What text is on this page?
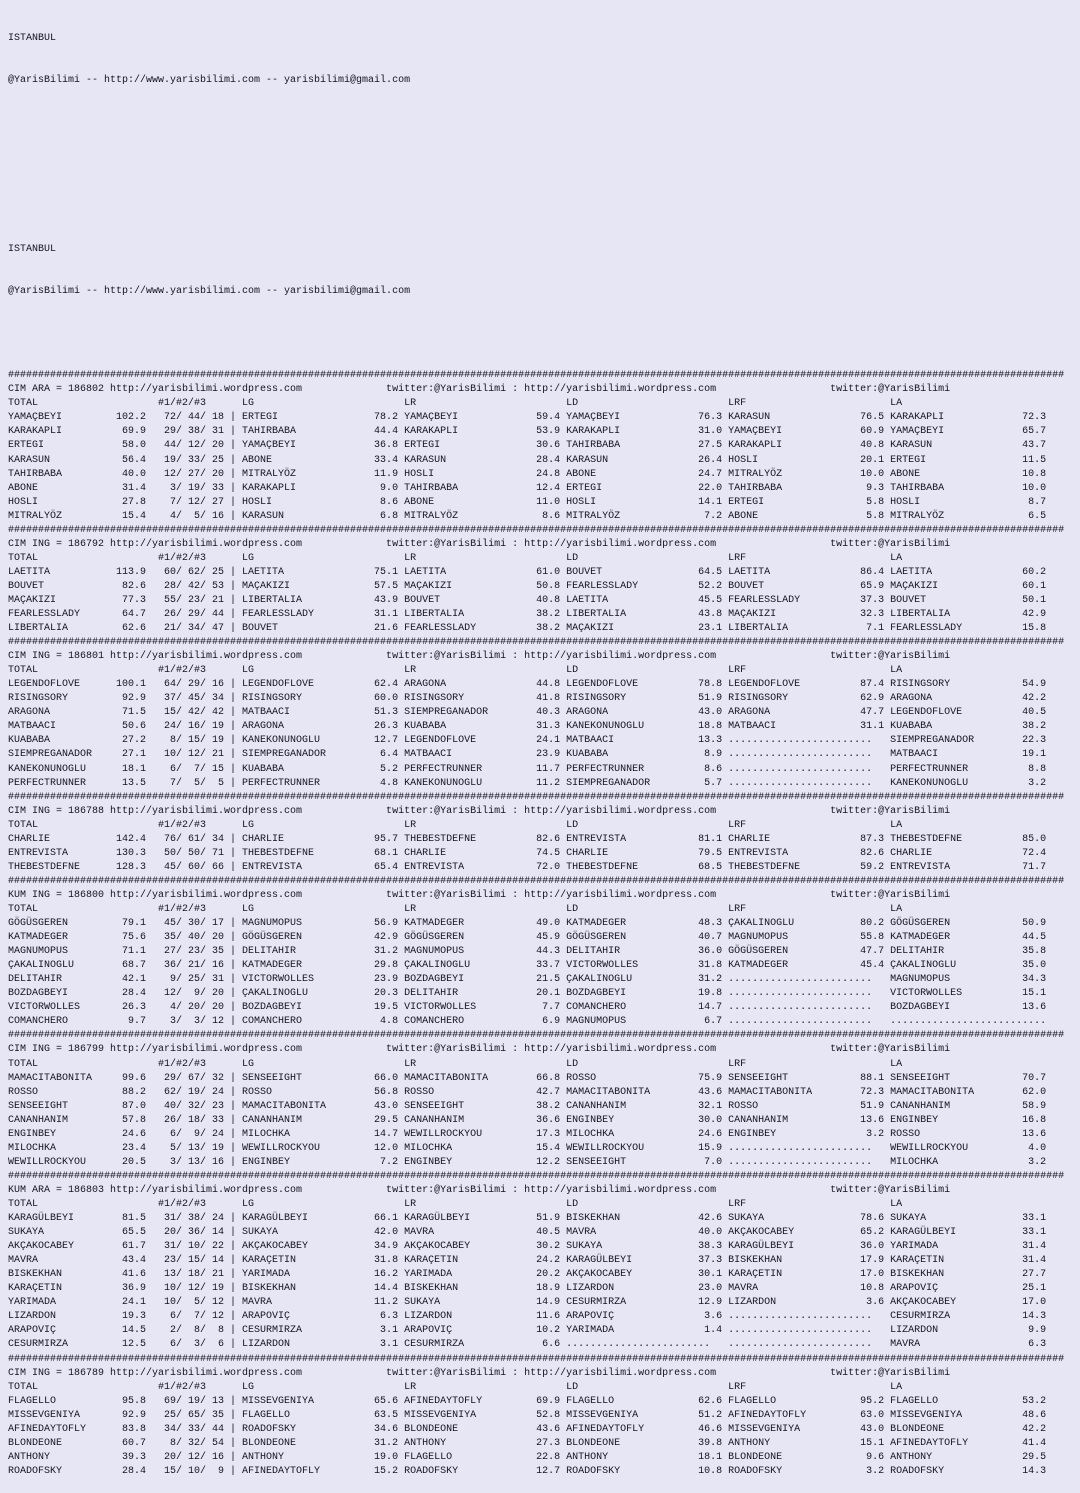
ISTANBUL

@YarisBilimi -- http://www.yarisbilimi.com -- yarisbilimi@gmail.com

ISTANBUL

@YarisBilimi -- http://www.yarisbilimi.com -- yarisbilimi@gmail.com

################################################################################################################################################################################
CIM ARA = 186802 http://yarisbilimi.wordpress.com              twitter:@YarisBilimi : http://yarisbilimi.wordpress.com                   twitter:@YarisBilimi
TOTAL                    #1/#2/#3      LG                         LR                         LD                         LRF                        LA
YAMAÇBEYI         102.2   72/ 44/ 18 | ERTEGI                78.2 YAMAÇBEYI             59.4 YAMAÇBEYI             76.3 KARASUN               76.5 KARAKAPLI             72.3
KARAKAPLI          69.9   29/ 38/ 31 | TAHIRBABA             44.4 KARAKAPLI             53.9 KARAKAPLI             31.0 YAMAÇBEYI             60.9 YAMAÇBEYI             65.7
ERTEGI             58.0   44/ 12/ 20 | YAMAÇBEYI             36.8 ERTEGI                30.6 TAHIRBABA             27.5 KARAKAPLI             40.8 KARASUN               43.7
KARASUN            56.4   19/ 33/ 25 | ABONE                 33.4 KARASUN               28.4 KARASUN               26.4 HOSLI                 20.1 ERTEGI                11.5
TAHIRBABA          40.0   12/ 27/ 20 | MITRALYÖZ             11.9 HOSLI                 24.8 ABONE                 24.7 MITRALYÖZ             10.0 ABONE                 10.8
ABONE              31.4    3/ 19/ 33 | KARAKAPLI              9.0 TAHIRBABA             12.4 ERTEGI                22.0 TAHIRBABA              9.3 TAHIRBABA             10.0
HOSLI              27.8    7/ 12/ 27 | HOSLI                  8.6 ABONE                 11.0 HOSLI                 14.1 ERTEGI                 5.8 HOSLI                  8.7
MITRALYÖZ          15.4    4/  5/ 16 | KARASUN                6.8 MITRALYÖZ              8.6 MITRALYÖZ              7.2 ABONE                  5.8 MITRALYÖZ              6.5
################################################################################################################################################################################
CIM ING = 186792 http://yarisbilimi.wordpress.com              twitter:@YarisBilimi : http://yarisbilimi.wordpress.com                   twitter:@YarisBilimi
TOTAL                    #1/#2/#3      LG                         LR                         LD                         LRF                        LA
LAETITA           113.9   60/ 62/ 25 | LAETITA               75.1 LAETITA               61.0 BOUVET                64.5 LAETITA               86.4 LAETITA               60.2
BOUVET             82.6   28/ 42/ 53 | MAÇAKIZI              57.5 MAÇAKIZI              50.8 FEARLESSLADY          52.2 BOUVET                65.9 MAÇAKIZI              60.1
MAÇAKIZI           77.3   55/ 23/ 21 | LIBERTALIA            43.9 BOUVET                40.8 LAETITA               45.5 FEARLESSLADY          37.3 BOUVET                50.1
FEARLESSLADY       64.7   26/ 29/ 44 | FEARLESSLADY          31.1 LIBERTALIA            38.2 LIBERTALIA            43.8 MAÇAKIZI              32.3 LIBERTALIA            42.9
LIBERTALIA         62.6   21/ 34/ 47 | BOUVET                21.6 FEARLESSLADY          38.2 MAÇAKIZI              23.1 LIBERTALIA             7.1 FEARLESSLADY          15.8
################################################################################################################################################################################
CIM ING = 186801 http://yarisbilimi.wordpress.com              twitter:@YarisBilimi : http://yarisbilimi.wordpress.com                   twitter:@YarisBilimi
TOTAL                    #1/#2/#3      LG                         LR                         LD                         LRF                        LA
LEGENDOFLOVE      100.1   64/ 29/ 16 | LEGENDOFLOVE          62.4 ARAGONA               44.8 LEGENDOFLOVE          78.8 LEGENDOFLOVE          87.4 RISINGSORY            54.9
RISINGSORY         92.9   37/ 45/ 34 | RISINGSORY            60.0 RISINGSORY            41.8 RISINGSORY            51.9 RISINGSORY            62.9 ARAGONA               42.2
ARAGONA            71.5   15/ 42/ 42 | MATBAACI              51.3 SIEMPREGANADOR        40.3 ARAGONA               43.0 ARAGONA               47.7 LEGENDOFLOVE          40.5
MATBAACI           50.6   24/ 16/ 19 | ARAGONA               26.3 KUABABA               31.3 KANEKONUNOGLU         18.8 MATBAACI              31.1 KUABABA               38.2
KUABABA            27.2    8/ 15/ 19 | KANEKONUNOGLU         12.7 LEGENDOFLOVE          24.1 MATBAACI              13.3 ........................   SIEMPREGANADOR        22.3
SIEMPREGANADOR     27.1   10/ 12/ 21 | SIEMPREGANADOR         6.4 MATBAACI              23.9 KUABABA                8.9 ........................   MATBAACI              19.1
KANEKONUNOGLU      18.1    6/  7/ 15 | KUABABA                5.2 PERFECTRUNNER         11.7 PERFECTRUNNER          8.6 ........................   PERFECTRUNNER          8.8
PERFECTRUNNER      13.5    7/  5/  5 | PERFECTRUNNER          4.8 KANEKONUNOGLU         11.2 SIEMPREGANADOR         5.7 ........................   KANEKONUNOGLU          3.2
################################################################################################################################################################################
CIM ING = 186788 http://yarisbilimi.wordpress.com              twitter:@YarisBilimi : http://yarisbilimi.wordpress.com                   twitter:@YarisBilimi
TOTAL                    #1/#2/#3      LG                         LR                         LD                         LRF                        LA
CHARLIE           142.4   76/ 61/ 34 | CHARLIE               95.7 THEBESTDEFNE          82.6 ENTREVISTA            81.1 CHARLIE               87.3 THEBESTDEFNE          85.0
ENTREVISTA        130.3   50/ 50/ 71 | THEBESTDEFNE          68.1 CHARLIE               74.5 CHARLIE               79.5 ENTREVISTA            82.6 CHARLIE               72.4
THEBESTDEFNE      128.3   45/ 60/ 66 | ENTREVISTA            65.4 ENTREVISTA            72.0 THEBESTDEFNE          68.5 THEBESTDEFNE          59.2 ENTREVISTA            71.7
################################################################################################################################################################################
KUM ING = 186800 http://yarisbilimi.wordpress.com              twitter:@YarisBilimi : http://yarisbilimi.wordpress.com                   twitter:@YarisBilimi
TOTAL                    #1/#2/#3      LG                         LR                         LD                         LRF                        LA
GÖGÜSGEREN         79.1   45/ 30/ 17 | MAGNUMOPUS            56.9 KATMADEGER            49.0 KATMADEGER            48.3 ÇAKALINOGLU           80.2 GÖGÜSGEREN            50.9
KATMADEGER         75.6   35/ 40/ 20 | GÖGÜSGEREN            42.9 GÖGÜSGEREN            45.9 GÖGÜSGEREN            40.7 MAGNUMOPUS            55.8 KATMADEGER            44.5
MAGNUMOPUS         71.1   27/ 23/ 35 | DELITAHIR             31.2 MAGNUMOPUS            44.3 DELITAHIR             36.0 GÖGÜSGEREN            47.7 DELITAHIR             35.8
ÇAKALINOGLU        68.7   36/ 21/ 16 | KATMADEGER            29.8 ÇAKALINOGLU           33.7 VICTORWOLLES          31.8 KATMADEGER            45.4 ÇAKALINOGLU           35.0
DELITAHIR          42.1    9/ 25/ 31 | VICTORWOLLES          23.9 BOZDAGBEYI            21.5 ÇAKALINOGLU           31.2 ........................   MAGNUMOPUS            34.3
BOZDAGBEYI         28.4   12/  9/ 20 | ÇAKALINOGLU           20.3 DELITAHIR             20.1 BOZDAGBEYI            19.8 ........................   VICTORWOLLES          15.1
VICTORWOLLES       26.3    4/ 20/ 20 | BOZDAGBEYI            19.5 VICTORWOLLES           7.7 COMANCHERO            14.7 ........................   BOZDAGBEYI            13.6
COMANCHERO          9.7    3/  3/ 12 | COMANCHERO             4.8 COMANCHERO             6.9 MAGNUMOPUS             6.7 ........................   ..........................
################################################################################################################################################################################
CIM ING = 186799 http://yarisbilimi.wordpress.com              twitter:@YarisBilimi : http://yarisbilimi.wordpress.com                   twitter:@YarisBilimi
TOTAL                    #1/#2/#3      LG                         LR                         LD                         LRF                        LA
MAMACITABONITA     99.6   29/ 67/ 32 | SENSEEIGHT            66.0 MAMACITABONITA        66.8 ROSSO                 75.9 SENSEEIGHT            88.1 SENSEEIGHT            70.7
ROSSO              88.2   62/ 19/ 24 | ROSSO                 56.8 ROSSO                 42.7 MAMACITABONITA        43.6 MAMACITABONITA        72.3 MAMACITABONITA        62.0
SENSEEIGHT         87.0   40/ 32/ 23 | MAMACITABONITA        43.0 SENSEEIGHT            38.2 CANANHANIM            32.1 ROSSO                 51.9 CANANHANIM            58.9
CANANHANIM         57.8   26/ 18/ 33 | CANANHANIM            29.5 CANANHANIM            36.6 ENGINBEY              30.0 CANANHANIM            13.6 ENGINBEY              16.8
ENGINBEY           24.6    6/  9/ 24 | MILOCHKA              14.7 WEWILLROCKYOU         17.3 MILOCHKA              24.6 ENGINBEY               3.2 ROSSO                 13.6
MILOCHKA           23.4    5/ 13/ 19 | WEWILLROCKYOU         12.0 MILOCHKA              15.4 WEWILLROCKYOU         15.9 ........................   WEWILLROCKYOU          4.0
WEWILLROCKYOU      20.5    3/ 13/ 16 | ENGINBEY               7.2 ENGINBEY              12.2 SENSEEIGHT             7.0 ........................   MILOCHKA               3.2
################################################################################################################################################################################
KUM ARA = 186803 http://yarisbilimi.wordpress.com              twitter:@YarisBilimi : http://yarisbilimi.wordpress.com                   twitter:@YarisBilimi
TOTAL                    #1/#2/#3      LG                         LR                         LD                         LRF                        LA
KARAGÜLBEYI        81.5   31/ 38/ 24 | KARAGÜLBEYI           66.1 KARAGÜLBEYI           51.9 BISKEKHAN             42.6 SUKAYA                78.6 SUKAYA                33.1
SUKAYA             65.5   20/ 36/ 14 | SUKAYA                42.0 MAVRA                 40.5 MAVRA                 40.0 AKÇAKOCABEY           65.2 KARAGÜLBEYI           33.1
AKÇAKOCABEY        61.7   31/ 10/ 22 | AKÇAKOCABEY           34.9 AKÇAKOCABEY           30.2 SUKAYA                38.3 KARAGÜLBEYI           36.0 YARIMADA              31.4
MAVRA              43.4   23/ 15/ 14 | KARAÇETIN             31.8 KARAÇETIN             24.2 KARAGÜLBEYI           37.3 BISKEKHAN             17.9 KARAÇETIN             31.4
BISKEKHAN          41.6   13/ 18/ 21 | YARIMADA              16.2 YARIMADA              20.2 AKÇAKOCABEY           30.1 KARAÇETIN             17.0 BISKEKHAN             27.7
KARAÇETIN          36.9   10/ 12/ 19 | BISKEKHAN             14.4 BISKEKHAN             18.9 LIZARDON              23.0 MAVRA                 10.8 ARAPOVIÇ              25.1
YARIMADA           24.1   10/  5/ 12 | MAVRA                 11.2 SUKAYA                14.9 CESURMIRZA            12.9 LIZARDON               3.6 AKÇAKOCABEY           17.0
LIZARDON           19.3    6/  7/ 12 | ARAPOVIÇ               6.3 LIZARDON              11.6 ARAPOVIÇ               3.6 ........................   CESURMIRZA            14.3
ARAPOVIÇ           14.5    2/  8/  8 | CESURMIRZA             3.1 ARAPOVIÇ              10.2 YARIMADA               1.4 ........................   LIZARDON               9.9
CESURMIRZA         12.5    6/  3/  6 | LIZARDON               3.1 CESURMIRZA             6.6 ........................   ........................   MAVRA                  6.3
################################################################################################################################################################################
CIM ING = 186789 http://yarisbilimi.wordpress.com              twitter:@YarisBilimi : http://yarisbilimi.wordpress.com                   twitter:@YarisBilimi
TOTAL                    #1/#2/#3      LG                         LR                         LD                         LRF                        LA
FLAGELLO           95.8   69/ 19/ 13 | MISSEVGENIYA          65.6 AFINEDAYTOFLY         69.9 FLAGELLO              62.6 FLAGELLO              95.2 FLAGELLO              53.2
MISSEVGENIYA       92.9   25/ 65/ 35 | FLAGELLO              63.5 MISSEVGENIYA          52.8 MISSEVGENIYA          51.2 AFINEDAYTOFLY         63.0 MISSEVGENIYA          48.6
AFINEDAYTOFLY      83.8   34/ 33/ 44 | ROADOFSKY             34.6 BLONDEONE             43.6 AFINEDAYTOFLY         46.6 MISSEVGENIYA          43.0 BLONDEONE             42.2
BLONDEONE          60.7    8/ 32/ 54 | BLONDEONE             31.2 ANTHONY               27.3 BLONDEONE             39.8 ANTHONY               15.1 AFINEDAYTOFLY         41.4
ANTHONY            39.3   20/ 12/ 16 | ANTHONY               19.0 FLAGELLO              22.8 ANTHONY               18.1 BLONDEONE              9.6 ANTHONY               29.5
ROADOFSKY          28.4   15/ 10/  9 | AFINEDAYTOFLY         15.2 ROADOFSKY             12.7 ROADOFSKY             10.8 ROADOFSKY              3.2 ROADOFSKY             14.3
